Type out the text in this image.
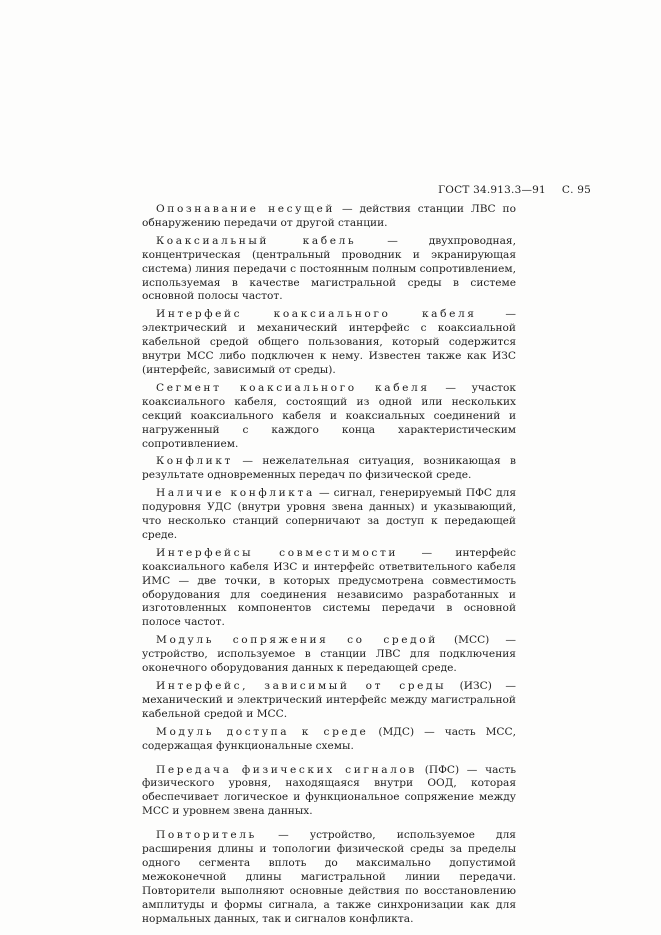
ГОСТ 34.913.3—91 С. 95

Опознавание несущей — действия станции ЛВС по обнаружению передачи от другой станции.

Коаксиальный кабель — двухпроводная, концентрическая (центральный проводник и экранирующая система) линия передачи с постоянным полным сопротивлением, используемая в качестве магистральной среды в системе основной полосы частот.

Интерфейс коаксиального кабеля — электрический и механический интерфейс с коаксиальной кабельной средой общего пользования, который содержится внутри МСС либо подключен к нему. Известен также как ИЗС (интерфейс, зависимый от среды).

Сегмент коаксиального кабеля — участок коаксиального кабеля, состоящий из одной или нескольких секций коаксиального кабеля и коаксиальных соединений и нагруженный с каждого конца характеристическим сопротивлением.

Конфликт — нежелательная ситуация, возникающая в результате одновременных передач по физической среде.

Наличие конфликта — сигнал, генерируемый ПФС для подуровня УДС (внутри уровня звена данных) и указывающий, что несколько станций соперничают за доступ к передающей среде.

Интерфейсы совместимости — интерфейс коаксиального кабеля ИЗС и интерфейс ответвительного кабеля ИМС — две точки, в которых предусмотрена совместимость оборудования для соединения независимо разработанных и изготовленных компонентов системы передачи в основной полосе частот.

Модуль сопряжения со средой (МСС) — устройство, используемое в станции ЛВС для подключения оконечного оборудования данных к передающей среде.

Интерфейс, зависимый от среды (ИЗС) — механический и электрический интерфейс между магистральной кабельной средой и МСС.

Модуль доступа к среде (МДС) — часть МСС, содержащая функциональные схемы.

Передача физических сигналов (ПФС) — часть физического уровня, находящаяся внутри ООД, которая обеспечивает логическое и функциональное сопряжение между МСС и уровнем звена данных.

Повторитель — устройство, используемое для расширения длины и топологии физической среды за пределы одного сегмента вплоть до максимально допустимой межоконечной длины магистральной линии передачи. Повторители выполняют основные действия по восстановлению амплитуды и формы сигнала, а также синхронизации как для нормальных данных, так и сигналов конфликта.
